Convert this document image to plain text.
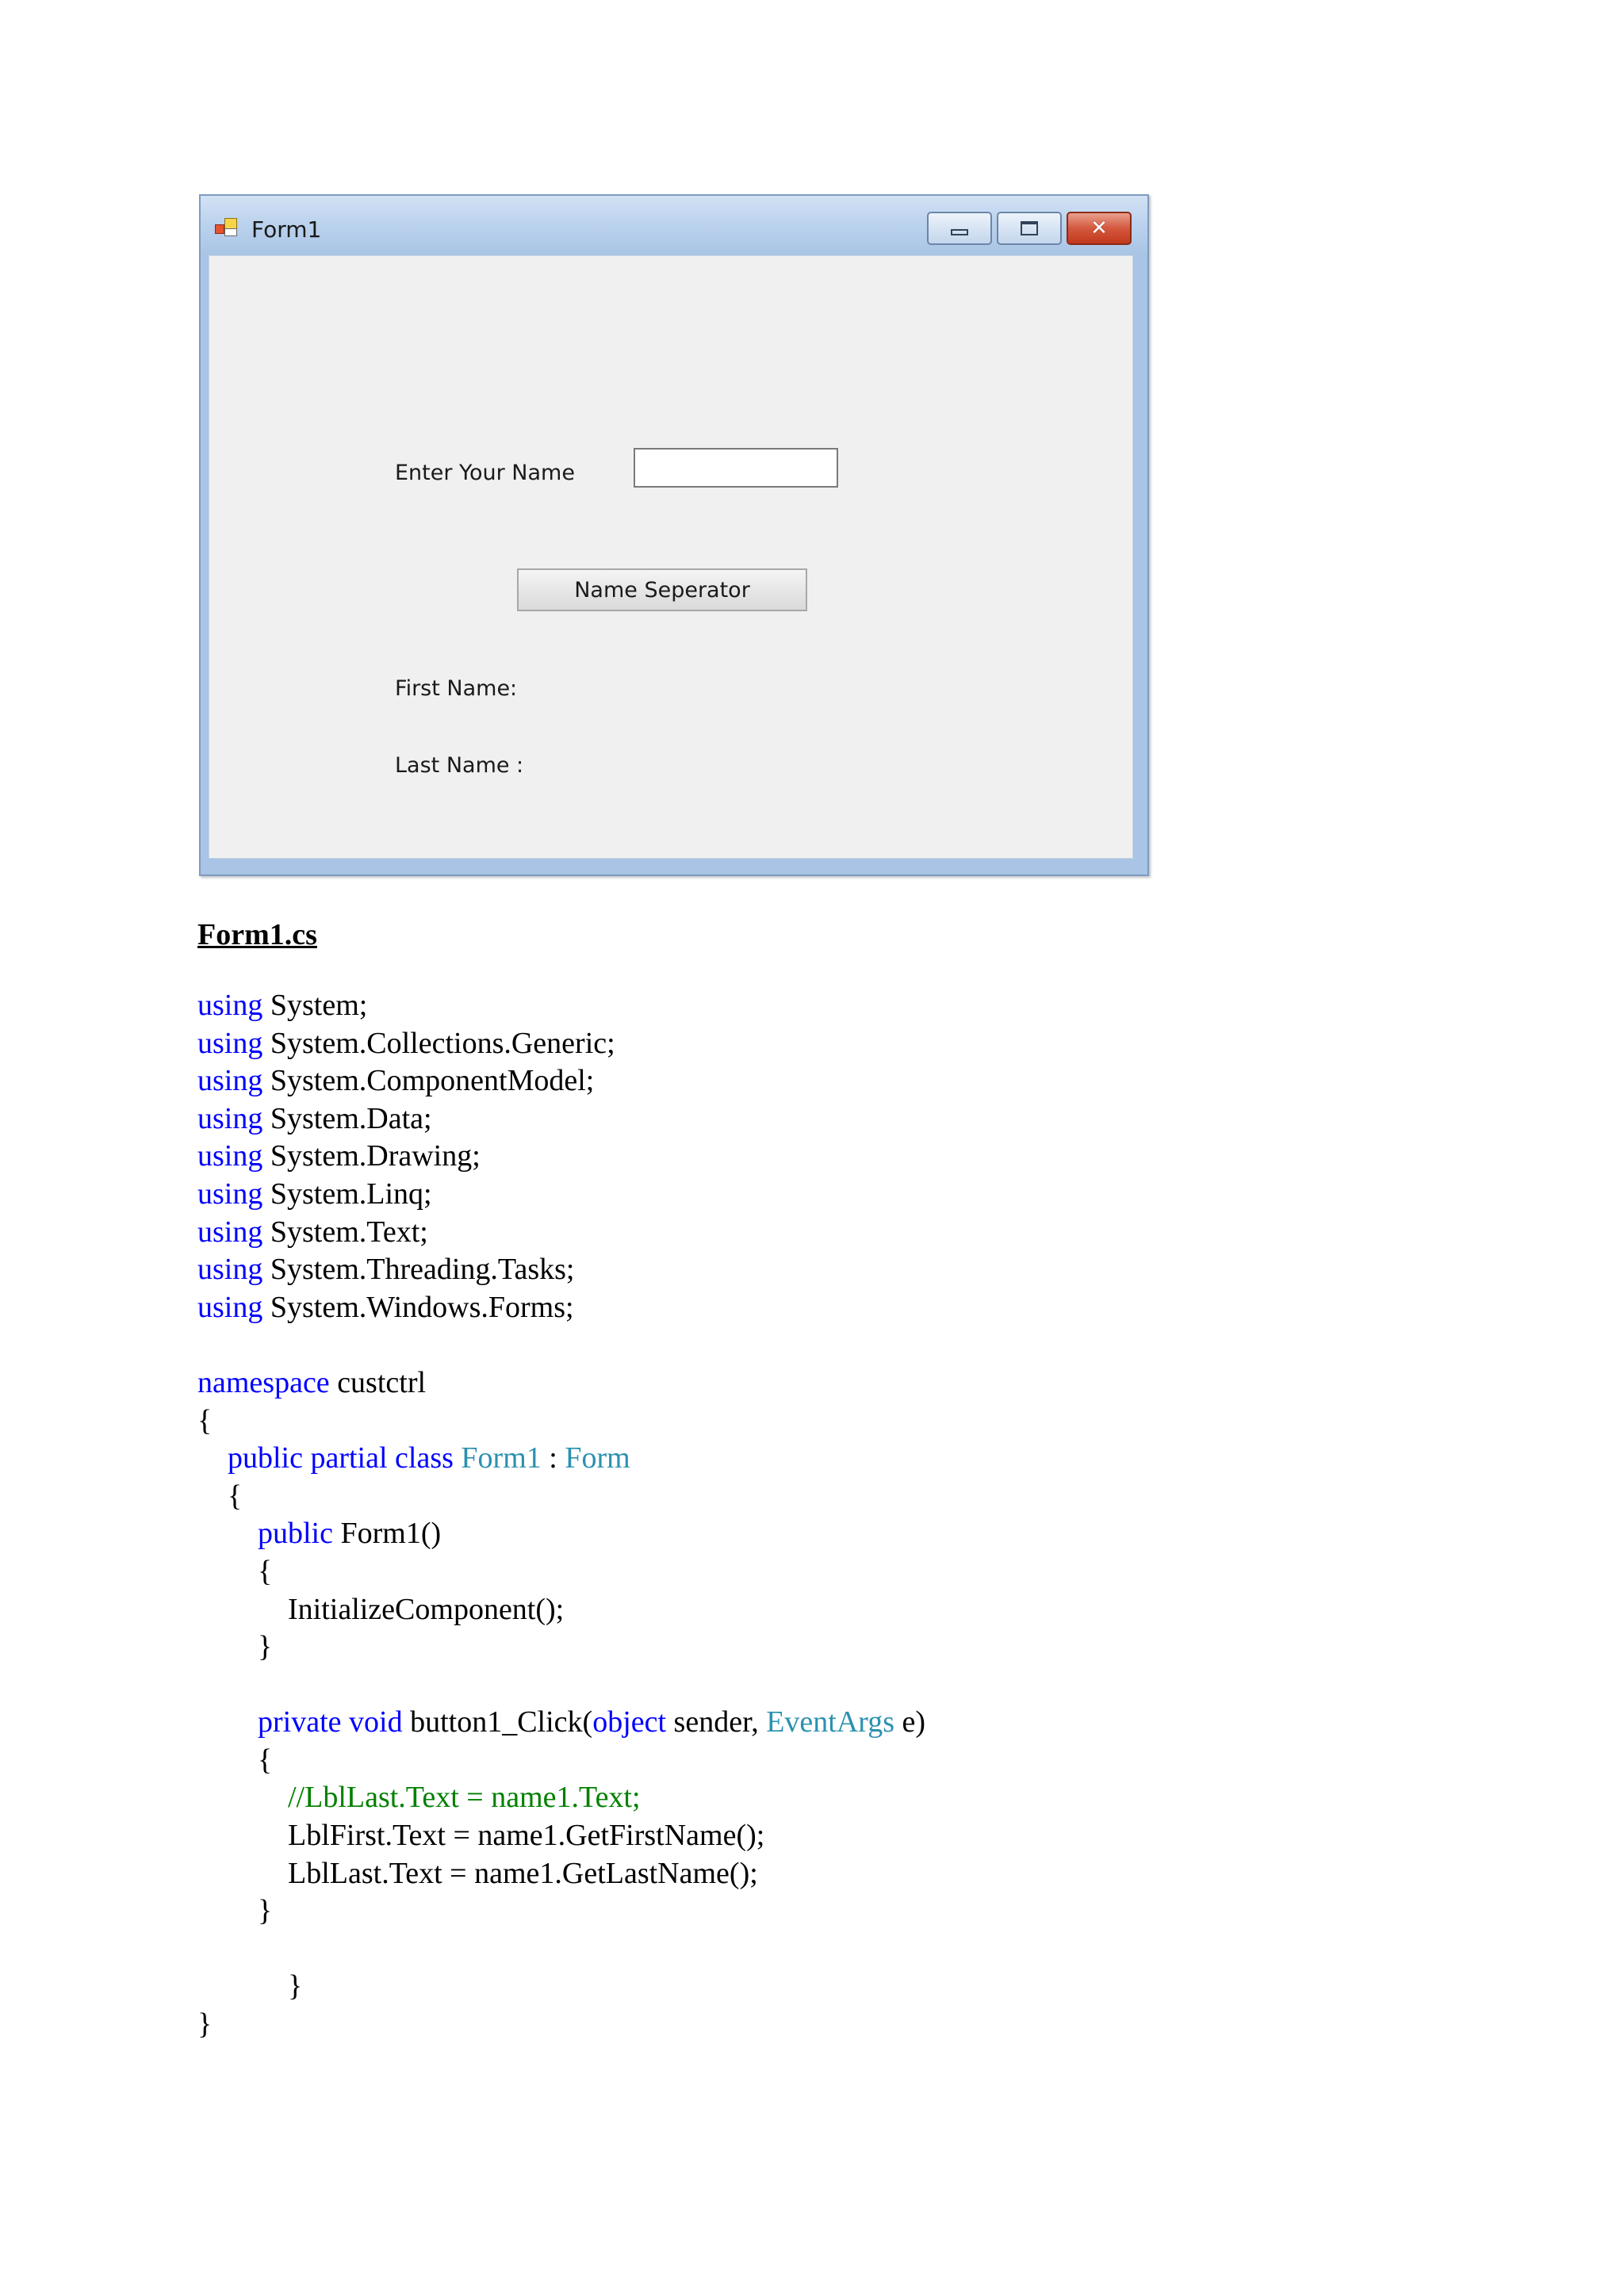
Form1	✕
Enter Your Name
Name Seperator
First Name:
Last Name :
Form1.cs
using System;
using System.Collections.Generic;
using System.ComponentModel;
using System.Data;
using System.Drawing;
using System.Linq;
using System.Text;
using System.Threading.Tasks;
using System.Windows.Forms;

namespace custctrl
{
public partial class Form1 : Form
{
public Form1()
{
InitializeComponent();
}

private void button1_Click(object sender, EventArgs e)
{
//LblLast.Text = name1.Text;
LblFirst.Text = name1.GetFirstName();
LblLast.Text = name1.GetLastName();
}

}
}
